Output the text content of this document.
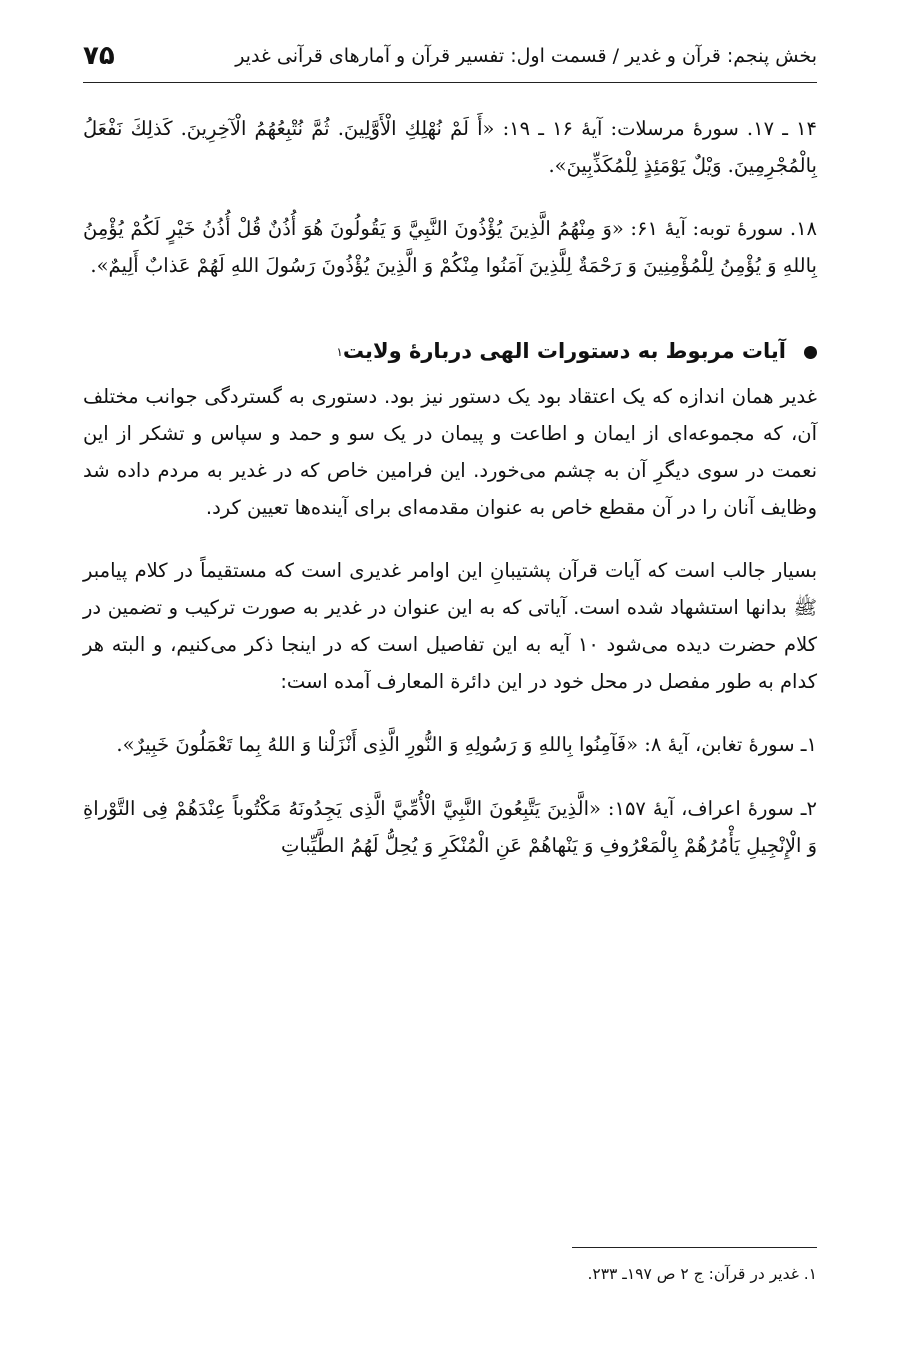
بخش پنجم: قرآن و غدیر / قسمت اول: تفسیر قرآن و آمارهای قرآنی غدیر
۷۵

۱۴ ـ ۱۷. سورهٔ مرسلات: آیهٔ ۱۶ ـ ۱۹: «أَ لَمْ نُهْلِكِ الْأَوَّلِينَ. ثُمَّ نُتْبِعُهُمُ الْآخِرِينَ. كَذلِكَ نَفْعَلُ بِالْمُجْرِمِينَ. وَيْلٌ يَوْمَئِذٍ لِلْمُكَذِّبِينَ».

۱۸. سورهٔ توبه: آیهٔ ۶۱: «وَ مِنْهُمُ الَّذِينَ يُؤْذُونَ النَّبِيَّ وَ يَقُولُونَ هُوَ أُذُنٌ قُلْ أُذُنُ خَيْرٍ لَكُمْ يُؤْمِنُ بِاللهِ وَ يُؤْمِنُ لِلْمُؤْمِنِينَ وَ رَحْمَةٌ لِلَّذِينَ آمَنُوا مِنْكُمْ وَ الَّذِينَ يُؤْذُونَ رَسُولَ اللهِ لَهُمْ عَذابٌ أَلِيمٌ».

آیات مربوط به دستورات الهی دربارهٔ ولایت
۱

غدیر همان اندازه که یک اعتقاد بود یک دستور نیز بود. دستوری به گستردگی جوانب مختلف آن، که مجموعه‌ای از ایمان و اطاعت و پیمان در یک سو و حمد و سپاس و تشکر از این نعمت در سوی دیگرِ آن به چشم می‌خورد. این فرامین خاص که در غدیر به مردم داده شد وظایف آنان را در آن مقطع خاص به عنوان مقدمه‌ای برای آینده‌ها تعیین کرد.

بسیار جالب است که آیات قرآن پشتیبانِ این اوامر غدیری است که مستقیماً در کلام پیامبر ﷺ بدانها استشهاد شده است. آیاتی که به این عنوان در غدیر به صورت ترکیب و تضمین در کلام حضرت دیده می‌شود ۱۰ آیه به این تفاصیل است که در اینجا ذکر می‌کنیم، و البته هر کدام به طور مفصل در محل خود در این دائرة المعارف آمده است:

۱ـ سورهٔ تغابن، آیهٔ ۸: «فَآمِنُوا بِاللهِ وَ رَسُولِهِ وَ النُّورِ الَّذِی أَنْزَلْنا وَ اللهُ بِما تَعْمَلُونَ خَبِيرٌ».

۲ـ سورهٔ اعراف، آیهٔ ۱۵۷: «الَّذِينَ يَتَّبِعُونَ النَّبِيَّ الْأُمِّيَّ الَّذِی يَجِدُونَهُ مَكْتُوباً عِنْدَهُمْ فِی التَّوْراةِ وَ الْإِنْجِيلِ يَأْمُرُهُمْ بِالْمَعْرُوفِ وَ يَنْهاهُمْ عَنِ الْمُنْكَرِ وَ يُحِلُّ لَهُمُ الطَّيِّباتِ

۱. غدیر در قرآن: ج ۲ ص ۱۹۷ـ ۲۳۳.
